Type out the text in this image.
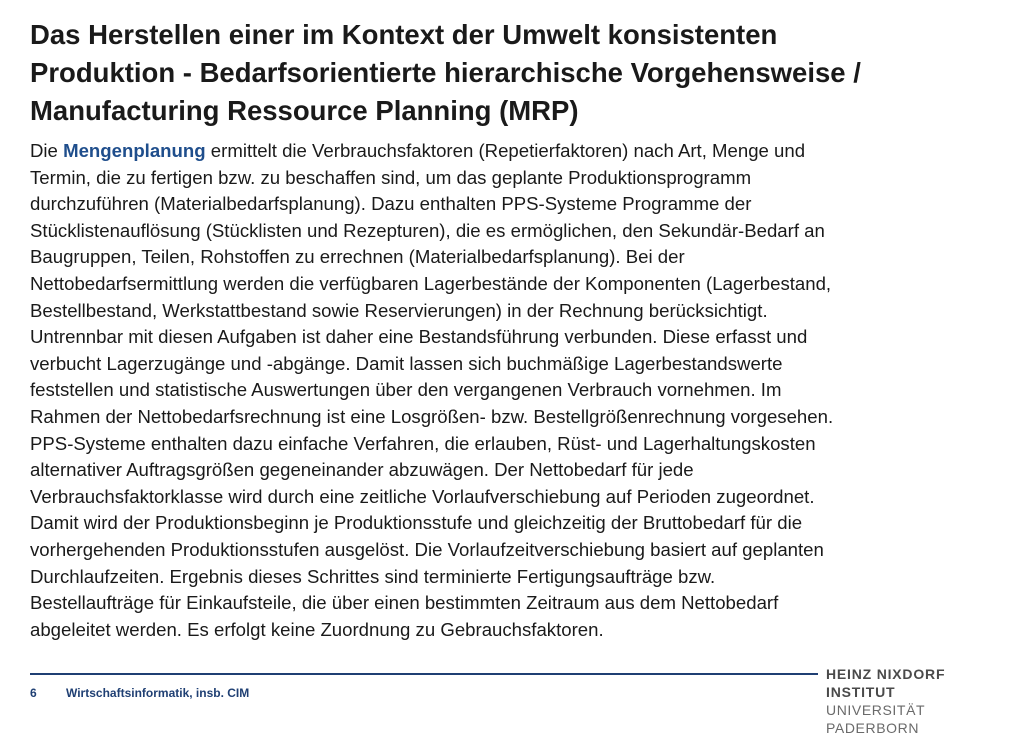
Das Herstellen einer im Kontext der Umwelt konsistenten
Produktion - Bedarfsorientierte hierarchische Vorgehensweise /
Manufacturing Ressource Planning (MRP)
Die Mengenplanung ermittelt die Verbrauchsfaktoren (Repetierfaktoren) nach Art, Menge und
Termin, die zu fertigen bzw. zu beschaffen sind, um das geplante Produktionsprogramm
durchzuführen (Materialbedarfsplanung). Dazu enthalten PPS-Systeme Programme der
Stücklistenauflösung (Stücklisten und Rezepturen), die es ermöglichen, den Sekundär-Bedarf an
Baugruppen, Teilen, Rohstoffen zu errechnen (Materialbedarfsplanung). Bei der
Nettobedarfsermittlung werden die verfügbaren Lagerbestände der Komponenten (Lagerbestand,
Bestellbestand, Werkstattbestand sowie Reservierungen) in der Rechnung berücksichtigt.
Untrennbar mit diesen Aufgaben ist daher eine Bestandsführung verbunden. Diese erfasst und
verbucht Lagerzugänge und -abgänge. Damit lassen sich buchmäßige Lagerbestandswerte
feststellen und statistische Auswertungen über den vergangenen Verbrauch vornehmen. Im
Rahmen der Nettobedarfsrechnung ist eine Losgrößen- bzw. Bestellgrößenrechnung vorgesehen.
PPS-Systeme enthalten dazu einfache Verfahren, die erlauben, Rüst- und Lagerhaltungskosten
alternativer Auftragsgrößen gegeneinander abzuwägen. Der Nettobedarf für jede
Verbrauchsfaktorklasse wird durch eine zeitliche Vorlaufverschiebung auf Perioden zugeordnet.
Damit wird der Produktionsbeginn je Produktionsstufe und gleichzeitig der Bruttobedarf für die
vorhergehenden Produktionsstufen ausgelöst. Die Vorlaufzeitverschiebung basiert auf geplanten
Durchlaufzeiten. Ergebnis dieses Schrittes sind terminierte Fertigungsaufträge bzw.
Bestellaufträge für Einkaufsteile, die über einen bestimmten Zeitraum aus dem Nettobedarf
abgeleitet werden. Es erfolgt keine Zuordnung zu Gebrauchsfaktoren.
6 Wirtschaftsinformatik, insb. CIM
HEINZ NIXDORF INSTITUT
UNIVERSITÄT PADERBORN
